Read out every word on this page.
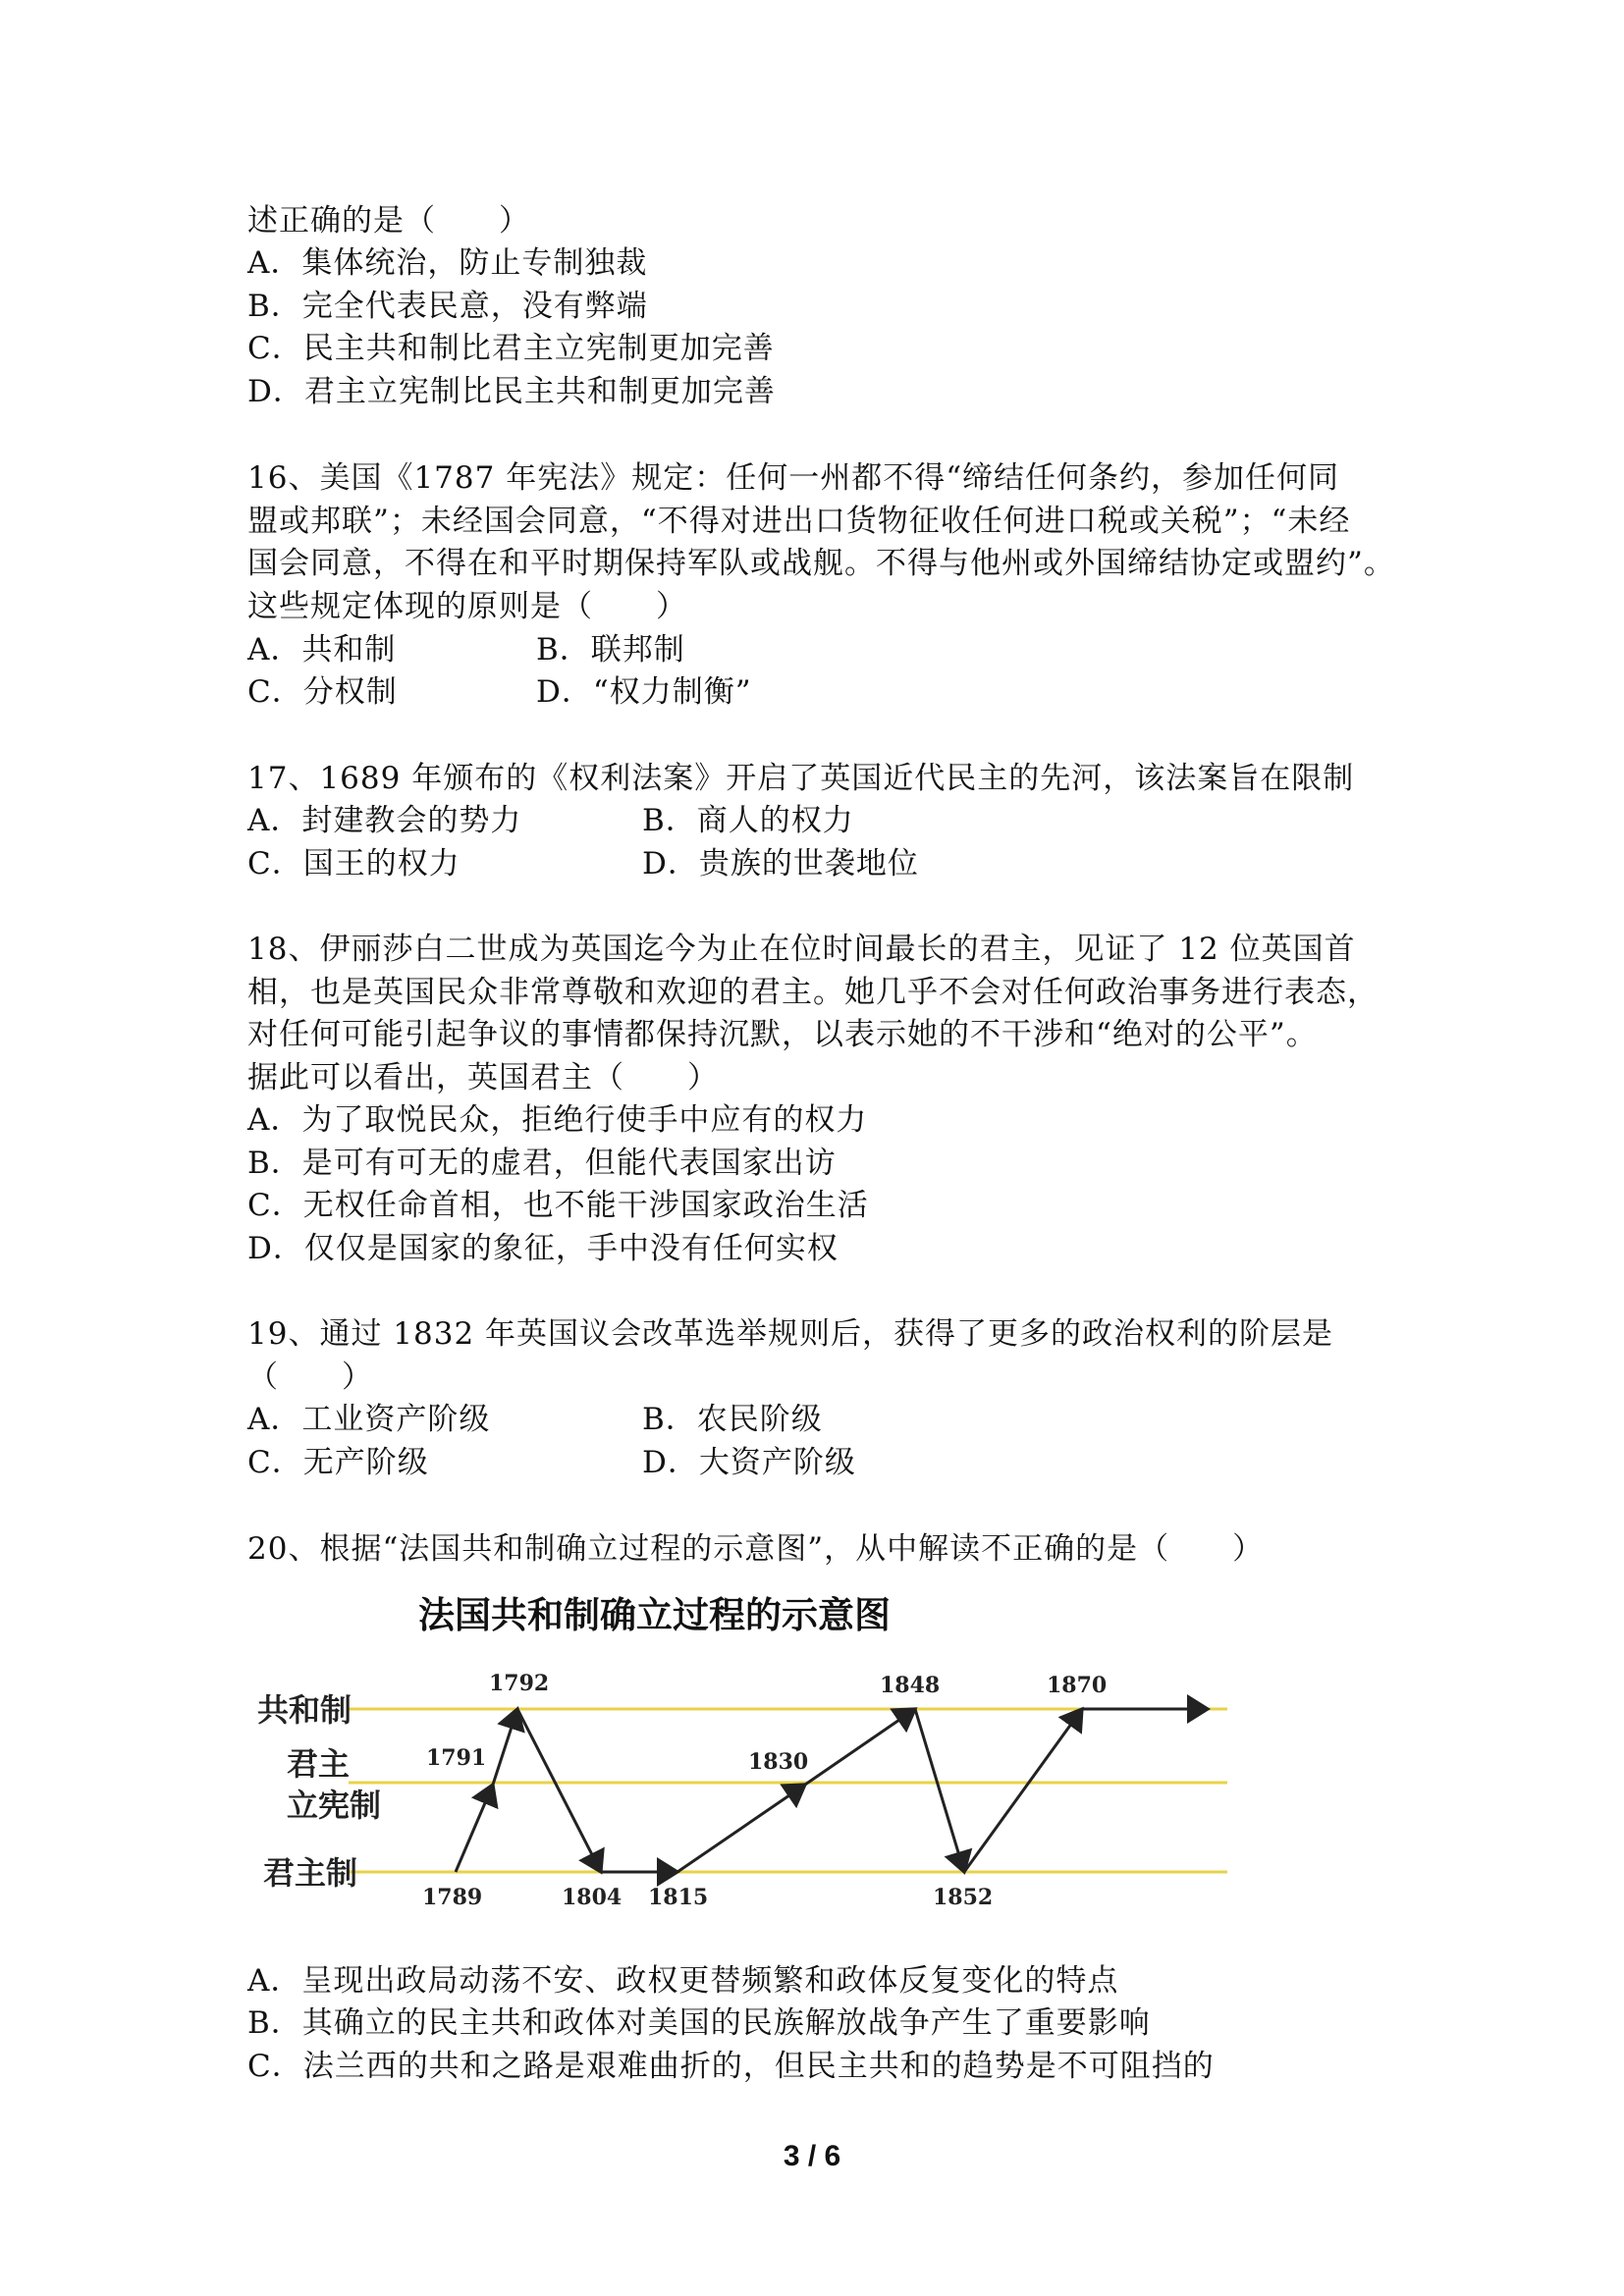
述正确的是（　　）
A．集体统治，防止专制独裁
B．完全代表民意，没有弊端
C．民主共和制比君主立宪制更加完善
D．君主立宪制比民主共和制更加完善
16、美国《1787 年宪法》规定：任何一州都不得“缔结任何条约，参加任何同
盟或邦联”；未经国会同意，“不得对进出口货物征收任何进口税或关税”；“未经
国会同意，不得在和平时期保持军队或战舰。不得与他州或外国缔结协定或盟约”。
这些规定体现的原则是（　　）
A．共和制	B．联邦制
C．分权制	D．“权力制衡”
17、1689 年颁布的《权利法案》开启了英国近代民主的先河，该法案旨在限制
A．封建教会的势力	B．商人的权力
C．国王的权力	D．贵族的世袭地位
18、伊丽莎白二世成为英国迄今为止在位时间最长的君主，见证了 12 位英国首
相，也是英国民众非常尊敬和欢迎的君主。她几乎不会对任何政治事务进行表态，
对任何可能引起争议的事情都保持沉默，以表示她的不干涉和“绝对的公平”。
据此可以看出，英国君主（　　）
A．为了取悦民众，拒绝行使手中应有的权力
B．是可有可无的虚君，但能代表国家出访
C．无权任命首相，也不能干涉国家政治生活
D．仅仅是国家的象征，手中没有任何实权
19、通过 1832 年英国议会改革选举规则后，获得了更多的政治权利的阶层是
（　　）
A．工业资产阶级	B．农民阶级
C．无产阶级	D．大资产阶级
20、根据“法国共和制确立过程的示意图”，从中解读不正确的是（　　）
法国共和制确立过程的示意图
共和制
君主
立宪制
君主制
1789
1791
1792
1804 1815
1830
1848
1852
1870
A．呈现出政局动荡不安、政权更替频繁和政体反复变化的特点
B．其确立的民主共和政体对美国的民族解放战争产生了重要影响
C．法兰西的共和之路是艰难曲折的，但民主共和的趋势是不可阻挡的
3 / 6
